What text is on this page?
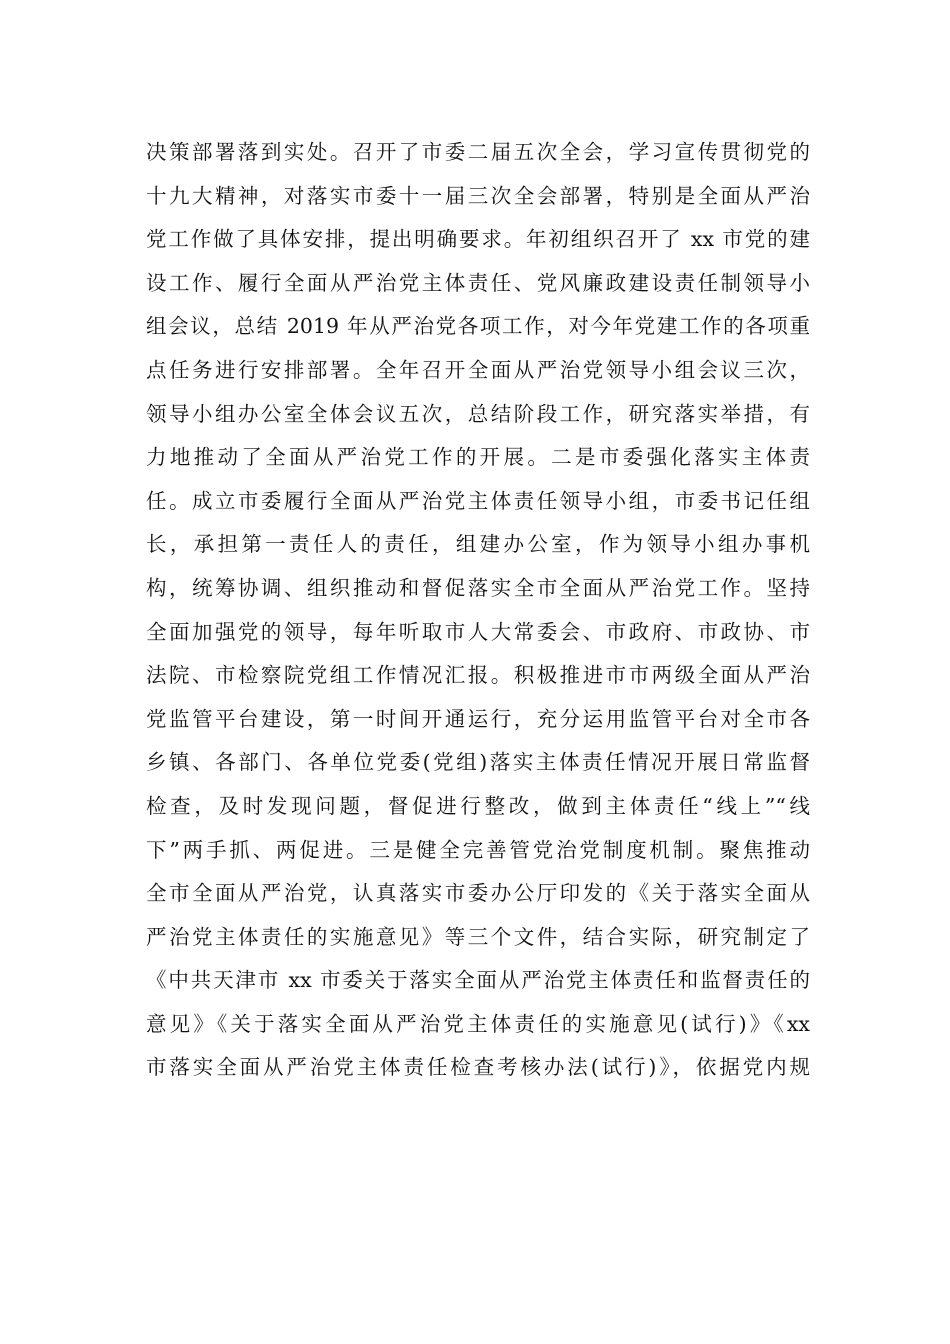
决策部署落到实处。召开了市委二届五次全会，学习宣传贯彻党的
十九大精神，对落实市委十一届三次全会部署，特别是全面从严治
党工作做了具体安排，提出明确要求。年初组织召开了 xx 市党的建
设工作、履行全面从严治党主体责任、党风廉政建设责任制领导小
组会议，总结 2019 年从严治党各项工作，对今年党建工作的各项重
点任务进行安排部署。全年召开全面从严治党领导小组会议三次，
领导小组办公室全体会议五次，总结阶段工作，研究落实举措，有
力地推动了全面从严治党工作的开展。二是市委强化落实主体责
任。成立市委履行全面从严治党主体责任领导小组，市委书记任组
长，承担第一责任人的责任，组建办公室，作为领导小组办事机
构，统筹协调、组织推动和督促落实全市全面从严治党工作。坚持
全面加强党的领导，每年听取市人大常委会、市政府、市政协、市
法院、市检察院党组工作情况汇报。积极推进市市两级全面从严治
党监管平台建设，第一时间开通运行，充分运用监管平台对全市各
乡镇、各部门、各单位党委(党组)落实主体责任情况开展日常监督
检查，及时发现问题，督促进行整改，做到主体责任“线上”“线
下”两手抓、两促进。三是健全完善管党治党制度机制。聚焦推动
全市全面从严治党，认真落实市委办公厅印发的《关于落实全面从
严治党主体责任的实施意见》等三个文件，结合实际，研究制定了
《中共天津市 xx 市委关于落实全面从严治党主体责任和监督责任的
意见》《关于落实全面从严治党主体责任的实施意见(试行)》《xx
市落实全面从严治党主体责任检查考核办法(试行)》，依据党内规
